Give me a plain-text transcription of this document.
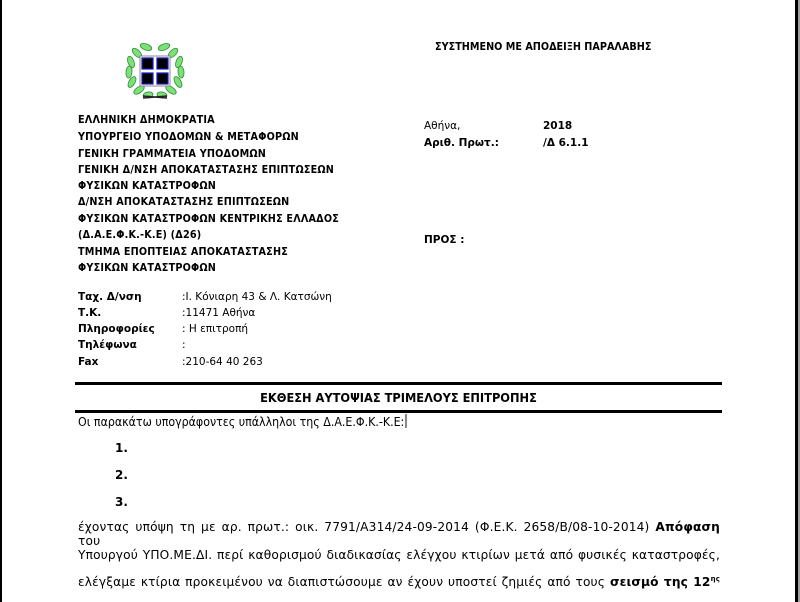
ΣΥΣΤΗΜΕΝΟ ΜΕ ΑΠΟΔΕΙΞΗ ΠΑΡΑΛΑΒΗΣ
ΕΛΛΗΝΙΚΗ ΔΗΜΟΚΡΑΤΙΑ
ΥΠΟΥΡΓΕΙΟ ΥΠΟΔΟΜΩΝ & ΜΕΤΑΦΟΡΩΝ
ΓΕΝΙΚΗ ΓΡΑΜΜΑΤΕΙΑ ΥΠΟΔΟΜΩΝ
ΓΕΝΙΚΗ Δ/ΝΣΗ ΑΠΟΚΑΤΑΣΤΑΣΗΣ ΕΠΙΠΤΩΣΕΩΝ
ΦΥΣΙΚΩΝ ΚΑΤΑΣΤΡΟΦΩΝ
Δ/ΝΣΗ ΑΠΟΚΑΤΑΣΤΑΣΗΣ ΕΠΙΠΤΩΣΕΩΝ
ΦΥΣΙΚΩΝ ΚΑΤΑΣΤΡΟΦΩΝ ΚΕΝΤΡΙΚΗΣ ΕΛΛΑΔΟΣ
(Δ.Α.Ε.Φ.Κ.-Κ.Ε) (Δ26)
ΤΜΗΜΑ ΕΠΟΠΤΕΙΑΣ ΑΠΟΚΑΤΑΣΤΑΣΗΣ
ΦΥΣΙΚΩΝ ΚΑΤΑΣΤΡΟΦΩΝ
Αθήνα,	2018
Αριθ. Πρωτ.:	/Δ 6.1.1
ΠΡΟΣ :
Ταχ. Δ/νση	:Ι. Κόνιαρη 43 & Λ. Κατσώνη
Τ.Κ.	:11471 Αθήνα
Πληροφορίες	: Η επιτροπή
Τηλέφωνα	:
Fax	:210-64 40 263
ΕΚΘΕΣΗ ΑΥΤΟΨΙΑΣ ΤΡΙΜΕΛΟΥΣ ΕΠΙΤΡΟΠΗΣ
Οι παρακάτω υπογράφοντες υπάλληλοι της Δ.Α.Ε.Φ.Κ.-Κ.Ε:
1.
2.
3.
έχοντας υπόψη τη με αρ. πρωτ.: οικ. 7791/Α314/24-09-2014 (Φ.Ε.Κ. 2658/Β/08-10-2014) Απόφαση του
Υπουργού ΥΠΟ.ΜΕ.ΔΙ. περί καθορισμού διαδικασίας ελέγχου κτιρίων μετά από φυσικές καταστροφές,
ελέγξαμε κτίρια προκειμένου να διαπιστώσουμε αν έχουν υποστεί ζημιές από τους σεισμό της $12^{\eta\varsigma}$
